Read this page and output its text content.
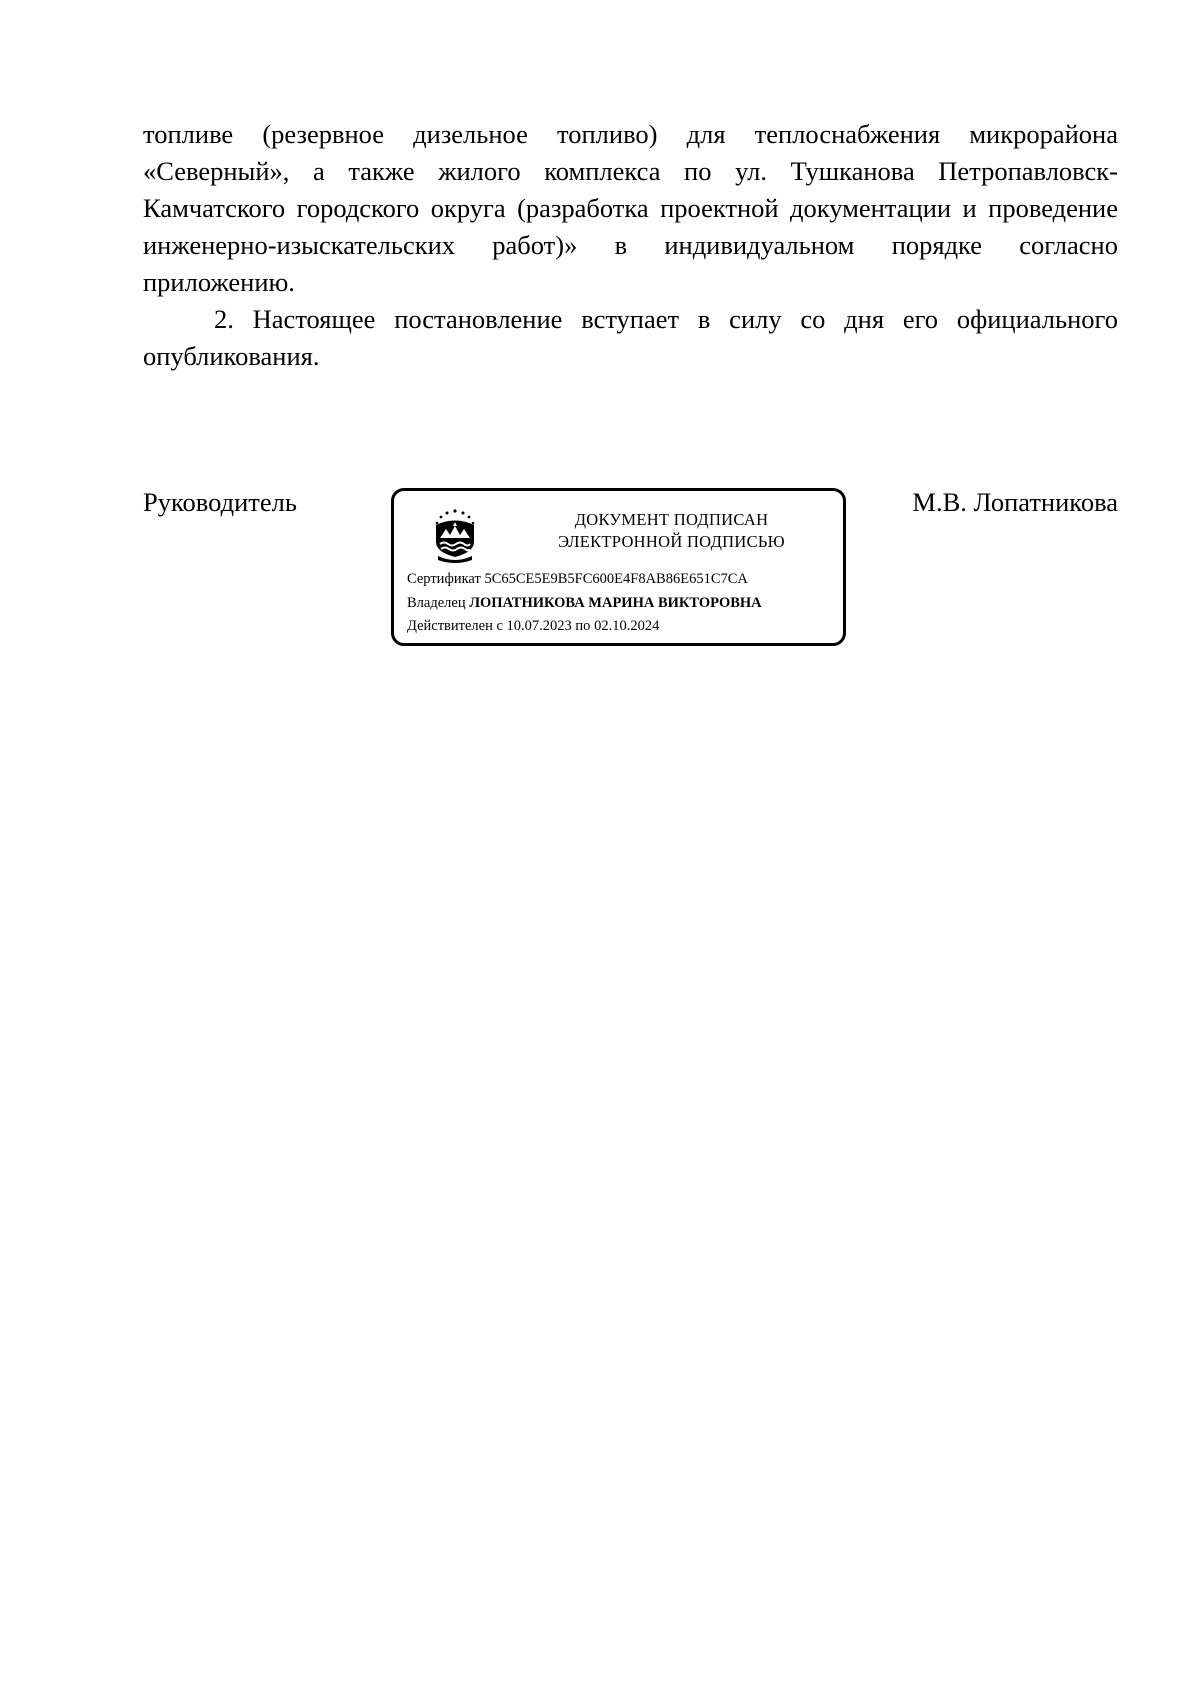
топливе (резервное дизельное топливо) для теплоснабжения микрорайона «Северный», а также жилого комплекса по ул. Тушканова Петропавловск-Камчатского городского округа (разработка проектной документации и проведение инженерно-изыскательских работ)» в индивидуальном порядке согласно приложению.

2. Настоящее постановление вступает в силу со дня его официального опубликования.

Руководитель
ДОКУМЕНТ ПОДПИСАН
ЭЛЕКТРОННОЙ ПОДПИСЬЮ
Сертификат 5C65CE5E9B5FC600E4F8AB86E651C7CA
Владелец ЛОПАТНИКОВА МАРИНА ВИКТОРОВНА
Действителен с 10.07.2023 по 02.10.2024
М.В. Лопатникова
